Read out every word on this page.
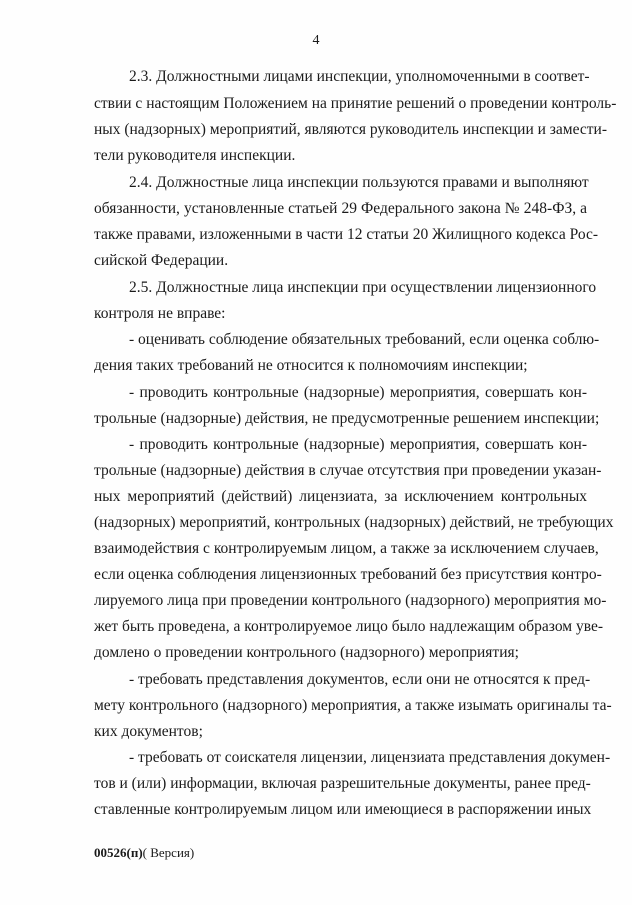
4
2.3. Должностными лицами инспекции, уполномоченными в соответ-
ствии с настоящим Положением на принятие решений о проведении контроль-
ных (надзорных) мероприятий, являются руководитель инспекции и замести-
тели руководителя инспекции.
2.4. Должностные лица инспекции пользуются правами и выполняют
обязанности, установленные статьей 29 Федерального закона № 248-ФЗ, а
также правами, изложенными в части 12 статьи 20 Жилищного кодекса Рос-
сийской Федерации.
2.5. Должностные лица инспекции при осуществлении лицензионного
контроля не вправе:
- оценивать соблюдение обязательных требований, если оценка соблю-
дения таких требований не относится к полномочиям инспекции;
- проводить контрольные (надзорные) мероприятия, совершать кон-
трольные (надзорные) действия, не предусмотренные решением инспекции;
- проводить контрольные (надзорные) мероприятия, совершать кон-
трольные (надзорные) действия в случае отсутствия при проведении указан-
ных мероприятий (действий) лицензиата, за исключением контрольных
(надзорных) мероприятий, контрольных (надзорных) действий, не требующих
взаимодействия с контролируемым лицом, а также за исключением случаев,
если оценка соблюдения лицензионных требований без присутствия контро-
лируемого лица при проведении контрольного (надзорного) мероприятия мо-
жет быть проведена, а контролируемое лицо было надлежащим образом уве-
домлено о проведении контрольного (надзорного) мероприятия;
- требовать представления документов, если они не относятся к пред-
мету контрольного (надзорного) мероприятия, а также изымать оригиналы та-
ких документов;
- требовать от соискателя лицензии, лицензиата представления докумен-
тов и (или) информации, включая разрешительные документы, ранее пред-
ставленные контролируемым лицом или имеющиеся в распоряжении иных
00526(п)( Версия)
